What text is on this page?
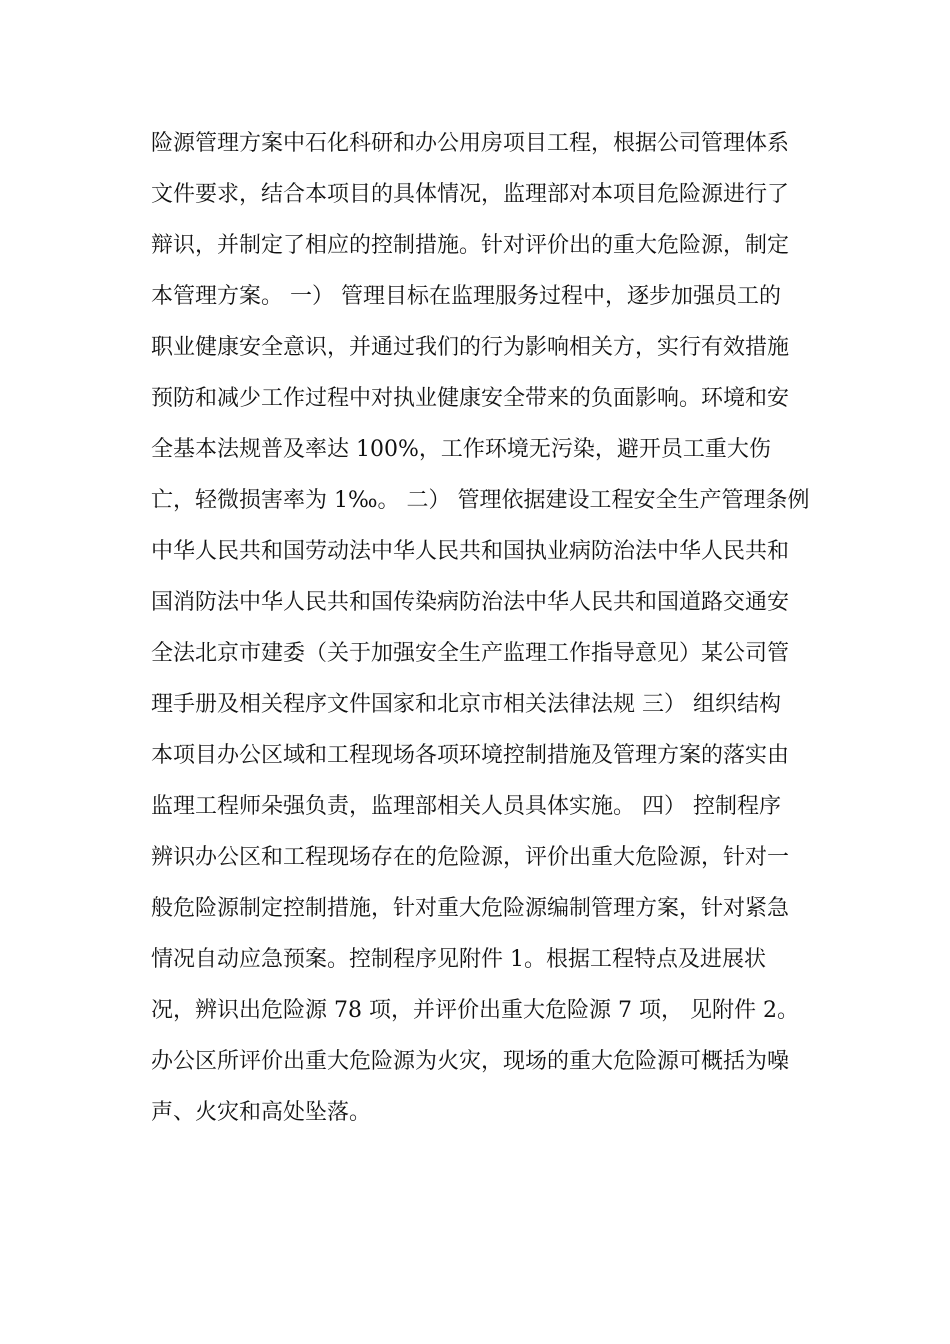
险源管理方案中石化科研和办公用房项目工程，根据公司管理体系
文件要求，结合本项目的具体情况，监理部对本项目危险源进行了
辩识，并制定了相应的控制措施。针对评价出的重大危险源，制定
本管理方案。 一） 管理目标在监理服务过程中，逐步加强员工的
职业健康安全意识，并通过我们的行为影响相关方，实行有效措施
预防和减少工作过程中对执业健康安全带来的负面影响。环境和安
全基本法规普及率达 100%，工作环境无污染，避开员工重大伤
亡，轻微损害率为 1‰。 二） 管理依据建设工程安全生产管理条例
中华人民共和国劳动法中华人民共和国执业病防治法中华人民共和
国消防法中华人民共和国传染病防治法中华人民共和国道路交通安
全法北京市建委（关于加强安全生产监理工作指导意见）某公司管
理手册及相关程序文件国家和北京市相关法律法规 三） 组织结构
本项目办公区域和工程现场各项环境控制措施及管理方案的落实由
监理工程师朵强负责，监理部相关人员具体实施。 四） 控制程序
辨识办公区和工程现场存在的危险源，评价出重大危险源，针对一
般危险源制定控制措施，针对重大危险源编制管理方案，针对紧急
情况自动应急预案。控制程序见附件 1。根据工程特点及进展状
况，辨识出危险源 78 项，并评价出重大危险源 7 项， 见附件 2。
办公区所评价出重大危险源为火灾，现场的重大危险源可概括为噪
声、火灾和高处坠落。
